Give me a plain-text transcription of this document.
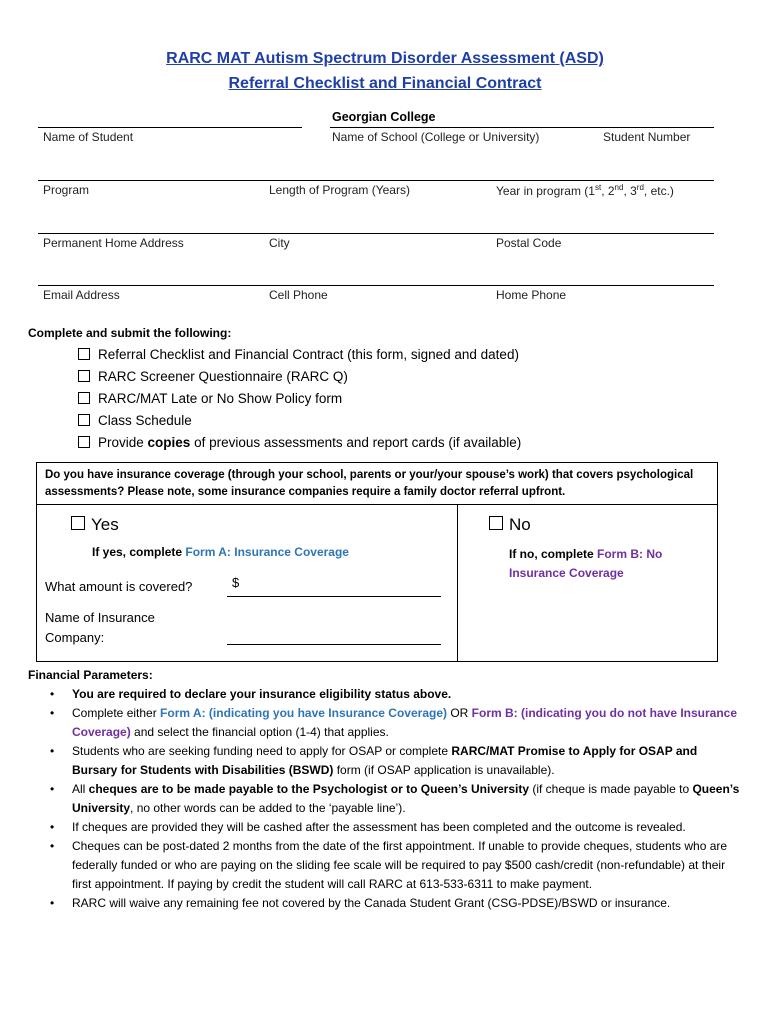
RARC MAT Autism Spectrum Disorder Assessment (ASD)
Referral Checklist and Financial Contract
Georgian College
Name of Student	Name of School (College or University)	Student Number
Program	Length of Program (Years)	Year in program (1st, 2nd, 3rd, etc.)
Permanent Home Address	City	Postal Code
Email Address	Cell Phone	Home Phone
Complete and submit the following:
Referral Checklist and Financial Contract (this form, signed and dated)
RARC Screener Questionnaire (RARC Q)
RARC/MAT Late or No Show Policy form
Class Schedule
Provide copies of previous assessments and report cards (if available)
Do you have insurance coverage (through your school, parents or your/your spouse’s work) that covers psychological assessments? Please note, some insurance companies require a family doctor referral upfront.
Yes
If yes, complete Form A: Insurance Coverage
What amount is covered?	$
Name of Insurance
Company:
No
If no, complete Form B: No Insurance Coverage
Financial Parameters:
• You are required to declare your insurance eligibility status above.
• Complete either Form A: (indicating you have Insurance Coverage) OR Form B: (indicating you do not have Insurance Coverage) and select the financial option (1-4) that applies.
• Students who are seeking funding need to apply for OSAP or complete RARC/MAT Promise to Apply for OSAP and Bursary for Students with Disabilities (BSWD) form (if OSAP application is unavailable).
• All cheques are to be made payable to the Psychologist or to Queen’s University (if cheque is made payable to Queen’s University, no other words can be added to the ‘payable line’).
• If cheques are provided they will be cashed after the assessment has been completed and the outcome is revealed.
• Cheques can be post-dated 2 months from the date of the first appointment. If unable to provide cheques, students who are federally funded or who are paying on the sliding fee scale will be required to pay $500 cash/credit (non-refundable) at their first appointment. If paying by credit the student will call RARC at 613-533-6311 to make payment.
• RARC will waive any remaining fee not covered by the Canada Student Grant (CSG-PDSE)/BSWD or insurance.
